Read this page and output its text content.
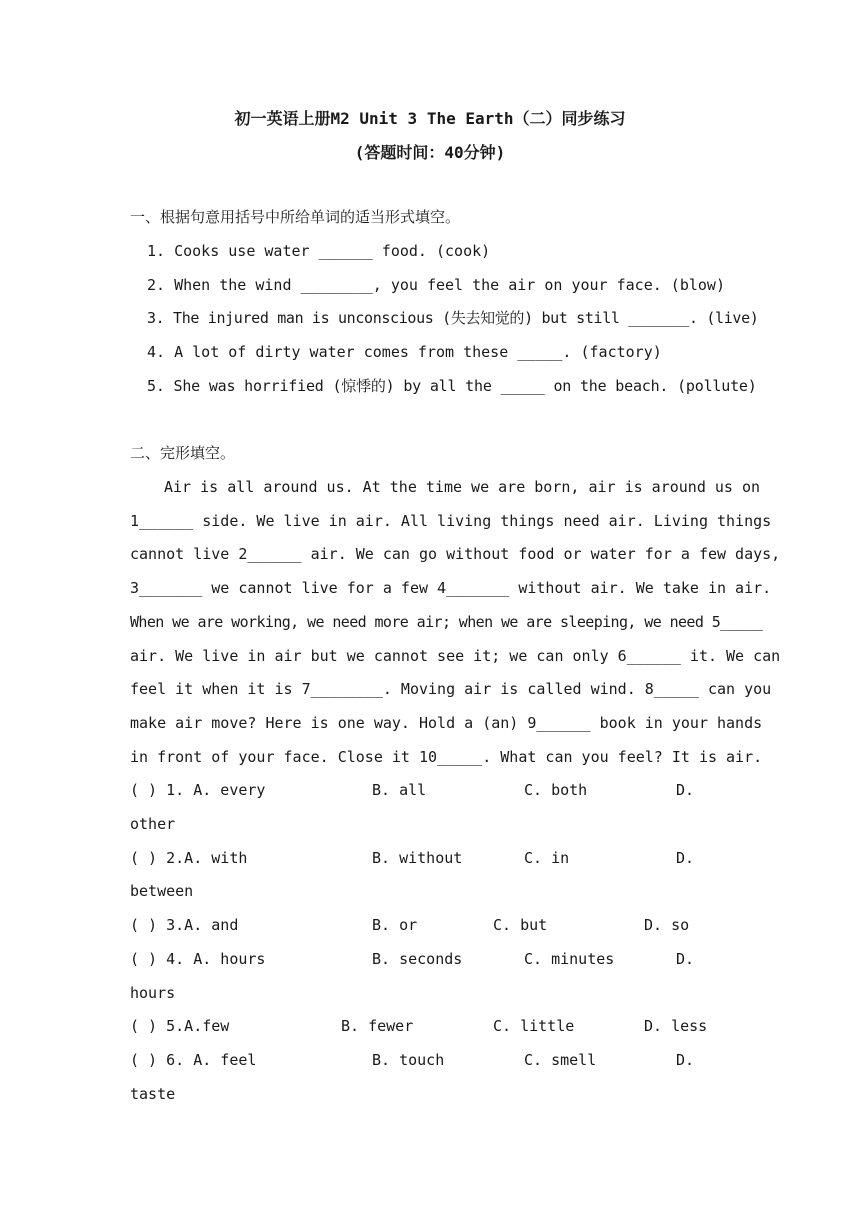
初一英语上册M2 Unit 3 The Earth（二）同步练习
(答题时间：40分钟)
一、根据句意用括号中所给单词的适当形式填空。
1. Cooks use water ______ food. (cook)
2. When the wind ________, you feel the air on your face. (blow)
3. The injured man is unconscious (失去知觉的) but still _______. (live)
4. A lot of dirty water comes from these _____. (factory)
5. She was horrified (惊悸的) by all the _____ on the beach. (pollute)
二、完形填空。
Air is all around us. At the time we are born, air is around us on
1______ side. We live in air. All living things need air. Living things
cannot live 2______ air. We can go without food or water for a few days,
3_______ we cannot live for a few 4_______ without air. We take in air.
When we are working, we need more air; when we are sleeping, we need 5_____
air. We live in air but we cannot see it; we can only 6______ it. We can
feel it when it is 7________. Moving air is called wind. 8_____ can you
make air move? Here is one way. Hold a (an) 9______ book in your hands
in front of your face. Close it 10_____. What can you feel? It is air.
( ) 1. A. every	B. all	C. both	D.
other
( ) 2.A. with	B. without	C. in	D.
between
( ) 3.A. and	B. or	C. but	D. so
( ) 4. A. hours	B. seconds	C. minutes	D.
hours
( ) 5.A.few	B. fewer	C. little	D. less
( ) 6. A. feel	B. touch	C. smell	D.
taste
